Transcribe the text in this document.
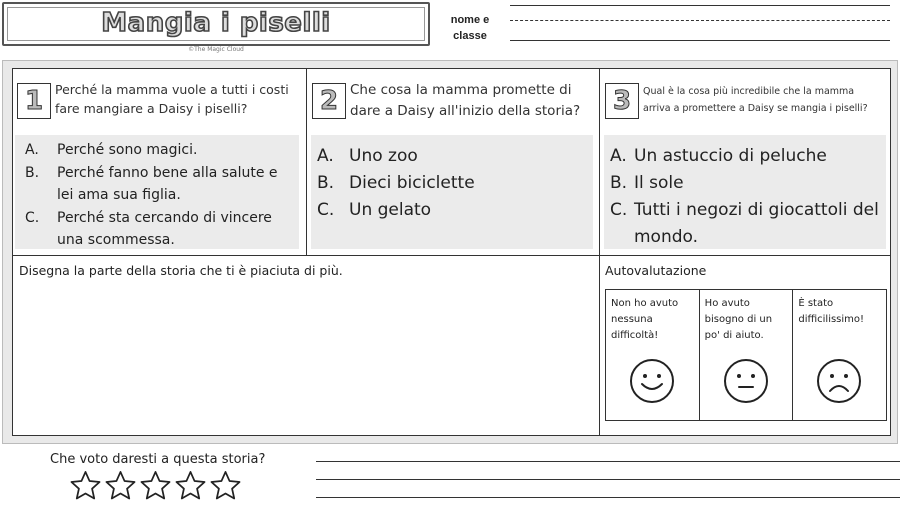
Mangia i piselli
©The Magic Cloud
nome e
classe
1 Perché la mamma vuole a tutti i costi fare mangiare a Daisy i piselli?
A. Perché sono magici.
B. Perché fanno bene alla salute e lei ama sua figlia.
C. Perché sta cercando di vincere una scommessa.
2 Che cosa la mamma promette di dare a Daisy all'inizio della storia?
A. Uno zoo
B. Dieci biciclette
C. Un gelato
3	Qual è la cosa più incredibile che la mamma arriva a promettere a Daisy se mangia i piselli?
A. Un astuccio di peluche
B. Il sole
C. Tutti i negozi di giocattoli del mondo.
Disegna la parte della storia che ti è piaciuta di più.	Autovalutazione
Non ho avuto nessuna difficoltà!
Ho avuto bisogno di un po' di aiuto.
È stato difficilissimo!
Che voto daresti a questa storia?
